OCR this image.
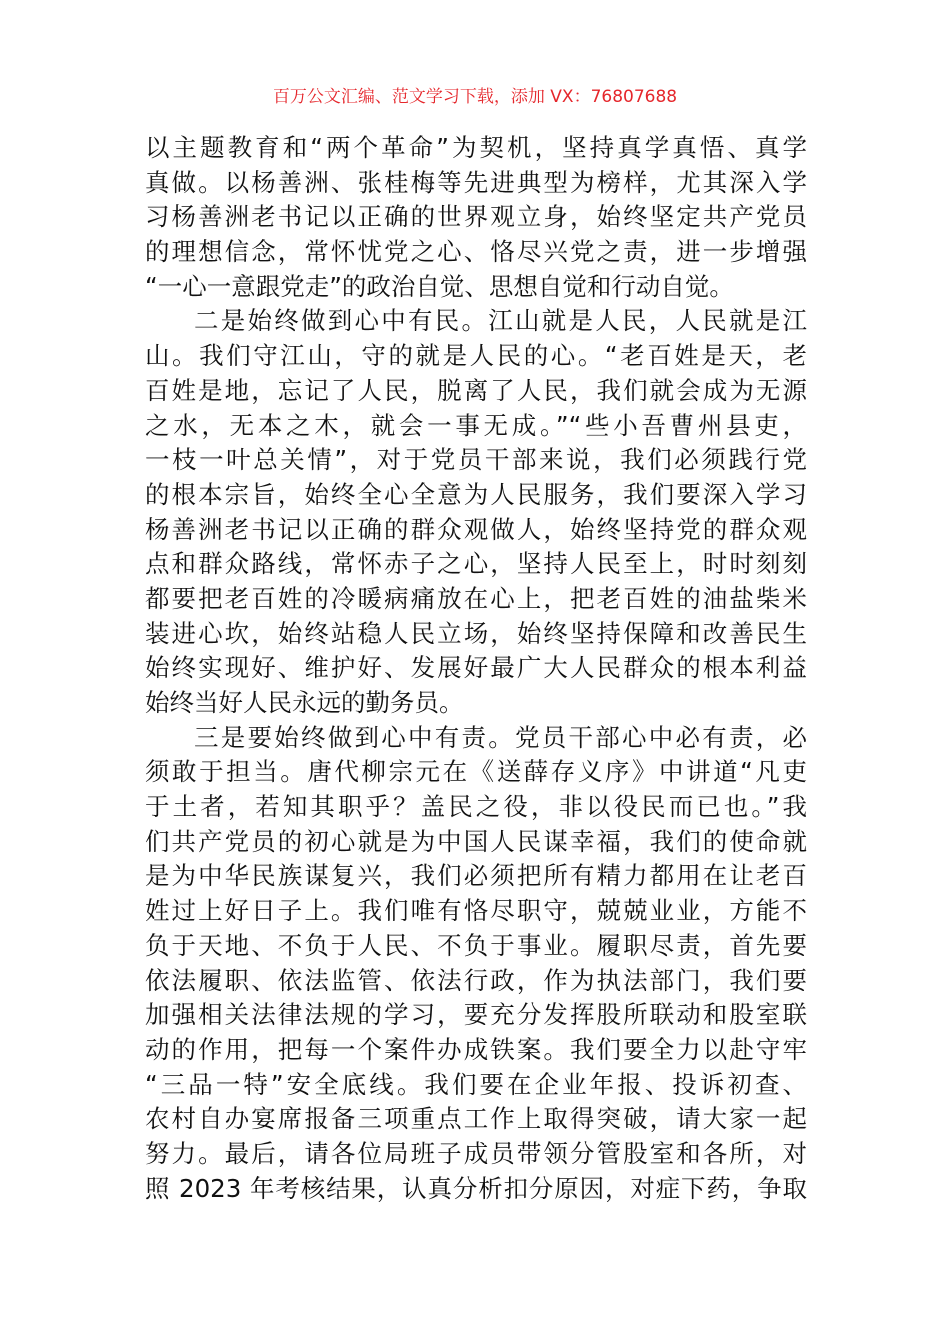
百万公文汇编、范文学习下载，添加 VX：76807688
以主题教育和“两个革命”为契机，坚持真学真悟、真学
真做。以杨善洲、张桂梅等先进典型为榜样，尤其深入学
习杨善洲老书记以正确的世界观立身，始终坚定共产党员
的理想信念，常怀忧党之心、恪尽兴党之责，进一步增强
“一心一意跟党走”的政治自觉、思想自觉和行动自觉。
二是始终做到心中有民。江山就是人民，人民就是江
山。我们守江山，守的就是人民的心。“老百姓是天，老
百姓是地，忘记了人民，脱离了人民，我们就会成为无源
之水，无本之木，就会一事无成。”“些小吾曹州县吏，
一枝一叶总关情”，对于党员干部来说，我们必须践行党
的根本宗旨，始终全心全意为人民服务，我们要深入学习
杨善洲老书记以正确的群众观做人，始终坚持党的群众观
点和群众路线，常怀赤子之心，坚持人民至上，时时刻刻
都要把老百姓的冷暖病痛放在心上，把老百姓的油盐柴米
装进心坎，始终站稳人民立场，始终坚持保障和改善民生
始终实现好、维护好、发展好最广大人民群众的根本利益
始终当好人民永远的勤务员。
三是要始终做到心中有责。党员干部心中必有责，必
须敢于担当。唐代柳宗元在《送薛存义序》中讲道“凡吏
于土者，若知其职乎？盖民之役，非以役民而已也。”我
们共产党员的初心就是为中国人民谋幸福，我们的使命就
是为中华民族谋复兴，我们必须把所有精力都用在让老百
姓过上好日子上。我们唯有恪尽职守，兢兢业业，方能不
负于天地、不负于人民、不负于事业。履职尽责，首先要
依法履职、依法监管、依法行政，作为执法部门，我们要
加强相关法律法规的学习，要充分发挥股所联动和股室联
动的作用，把每一个案件办成铁案。我们要全力以赴守牢
“三品一特”安全底线。我们要在企业年报、投诉初查、
农村自办宴席报备三项重点工作上取得突破，请大家一起
努力。最后，请各位局班子成员带领分管股室和各所，对
照 2023 年考核结果，认真分析扣分原因，对症下药，争取
